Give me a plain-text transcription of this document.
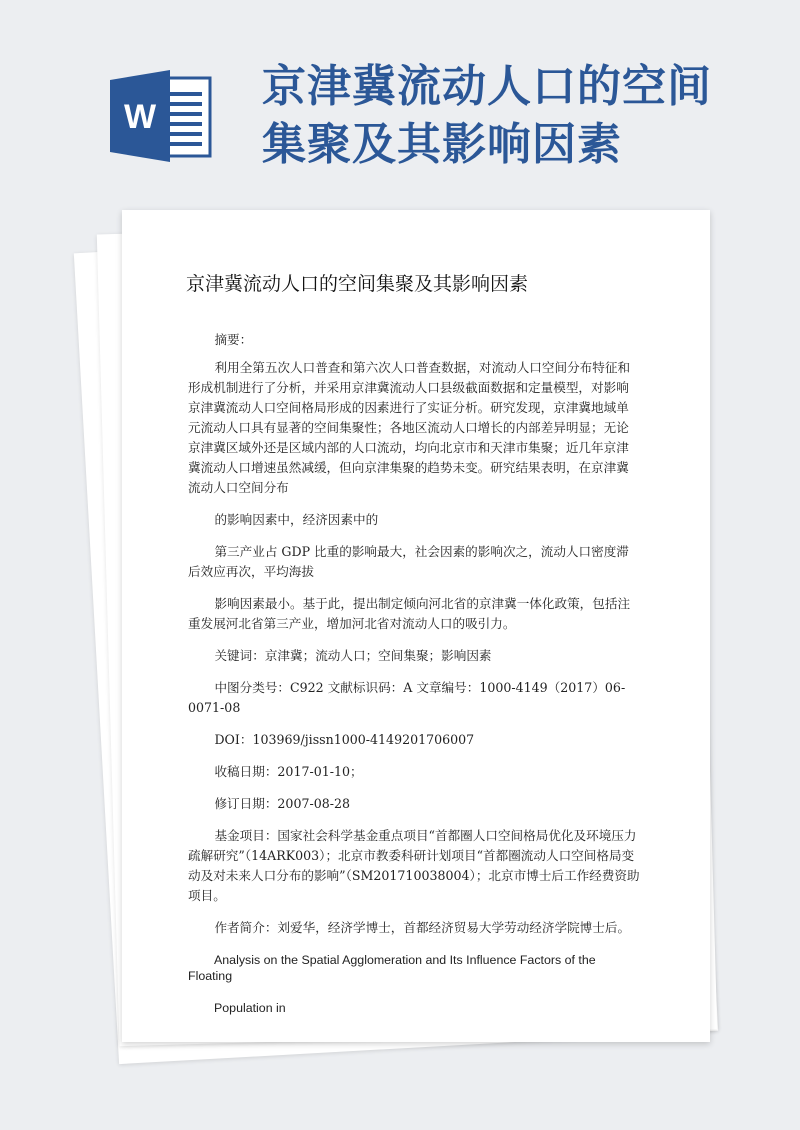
W
京津冀流动人口的空间
集聚及其影响因素
京津冀流动人口的空间集聚及其影响因素

摘要：

利用全第五次人口普查和第六次人口普查数据，对流动人口空间分布特征和形成机制进行了分析，并采用京津冀流动人口县级截面数据和定量模型，对影响京津冀流动人口空间格局形成的因素进行了实证分析。研究发现，京津冀地域单元流动人口具有显著的空间集聚性；各地区流动人口增长的内部差异明显；无论京津冀区域外还是区域内部的人口流动，均向北京市和天津市集聚；近几年京津冀流动人口增速虽然减缓，但向京津集聚的趋势未变。研究结果表明，在京津冀流动人口空间分布

的影响因素中，经济因素中的

第三产业占 GDP 比重的影响最大，社会因素的影响次之，流动人口密度滞后效应再次，平均海拔

影响因素最小。基于此，提出制定倾向河北省的京津冀一体化政策，包括注重发展河北省第三产业，增加河北省对流动人口的吸引力。

关键词：京津冀；流动人口；空间集聚；影响因素

中图分类号：C922 文献标识码：A 文章编号：1000-4149（2017）06-0071-08

DOI：103969/jissn1000-4149201706007

收稿日期：2017-01-10；

修订日期：2007-08-28

基金项目：国家社会科学基金重点项目“首都圈人口空间格局优化及环境压力疏解研究”（14ARK003）；北京市教委科研计划项目“首都圈流动人口空间格局变动及对未来人口分布的影响”（SM201710038004）；北京市博士后工作经费资助项目。

作者简介：刘爱华，经济学博士，首都经济贸易大学劳动经济学院博士后。

Analysis on the Spatial Agglomeration and Its Influence Factors of the Floating

Population in
